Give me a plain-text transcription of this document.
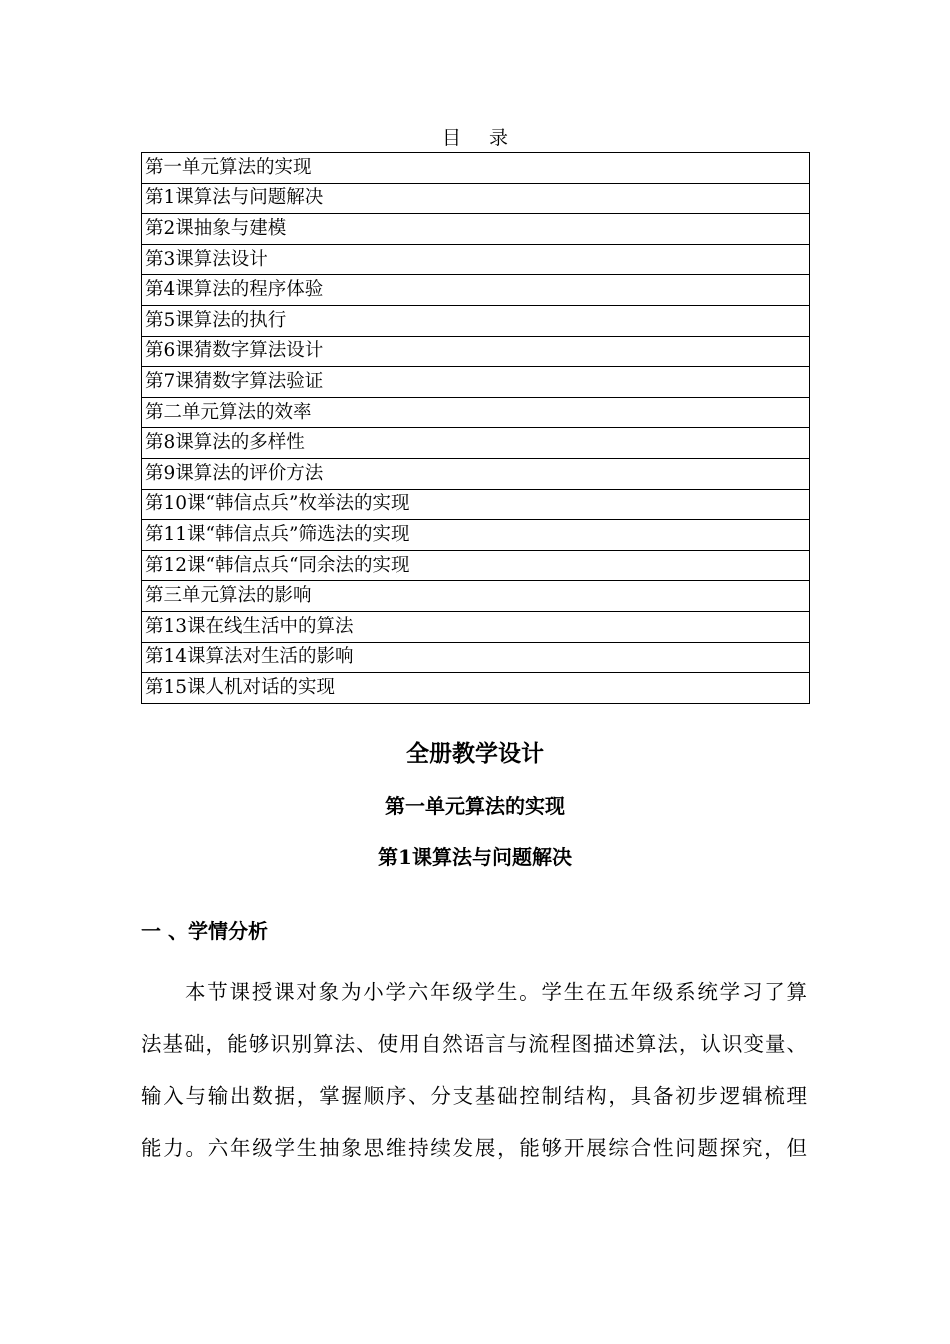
目 录
第一单元算法的实现
第1课算法与问题解决
第2课抽象与建模
第3课算法设计
第4课算法的程序体验
第5课算法的执行
第6课猜数字算法设计
第7课猜数字算法验证
第二单元算法的效率
第8课算法的多样性
第9课算法的评价方法
第10课“韩信点兵”枚举法的实现
第11课“韩信点兵”筛选法的实现
第12课“韩信点兵“同余法的实现
第三单元算法的影响
第13课在线生活中的算法
第14课算法对生活的影响
第15课人机对话的实现
全册教学设计
第一单元算法的实现
第1课算法与问题解决
一 、学情分析
本节课授课对象为小学六年级学生。学生在五年级系统学习了算
法基础，能够识别算法、使用自然语言与流程图描述算法，认识变量、
输入与输出数据，掌握顺序、分支基础控制结构，具备初步逻辑梳理
能力。六年级学生抽象思维持续发展，能够开展综合性问题探究，但
